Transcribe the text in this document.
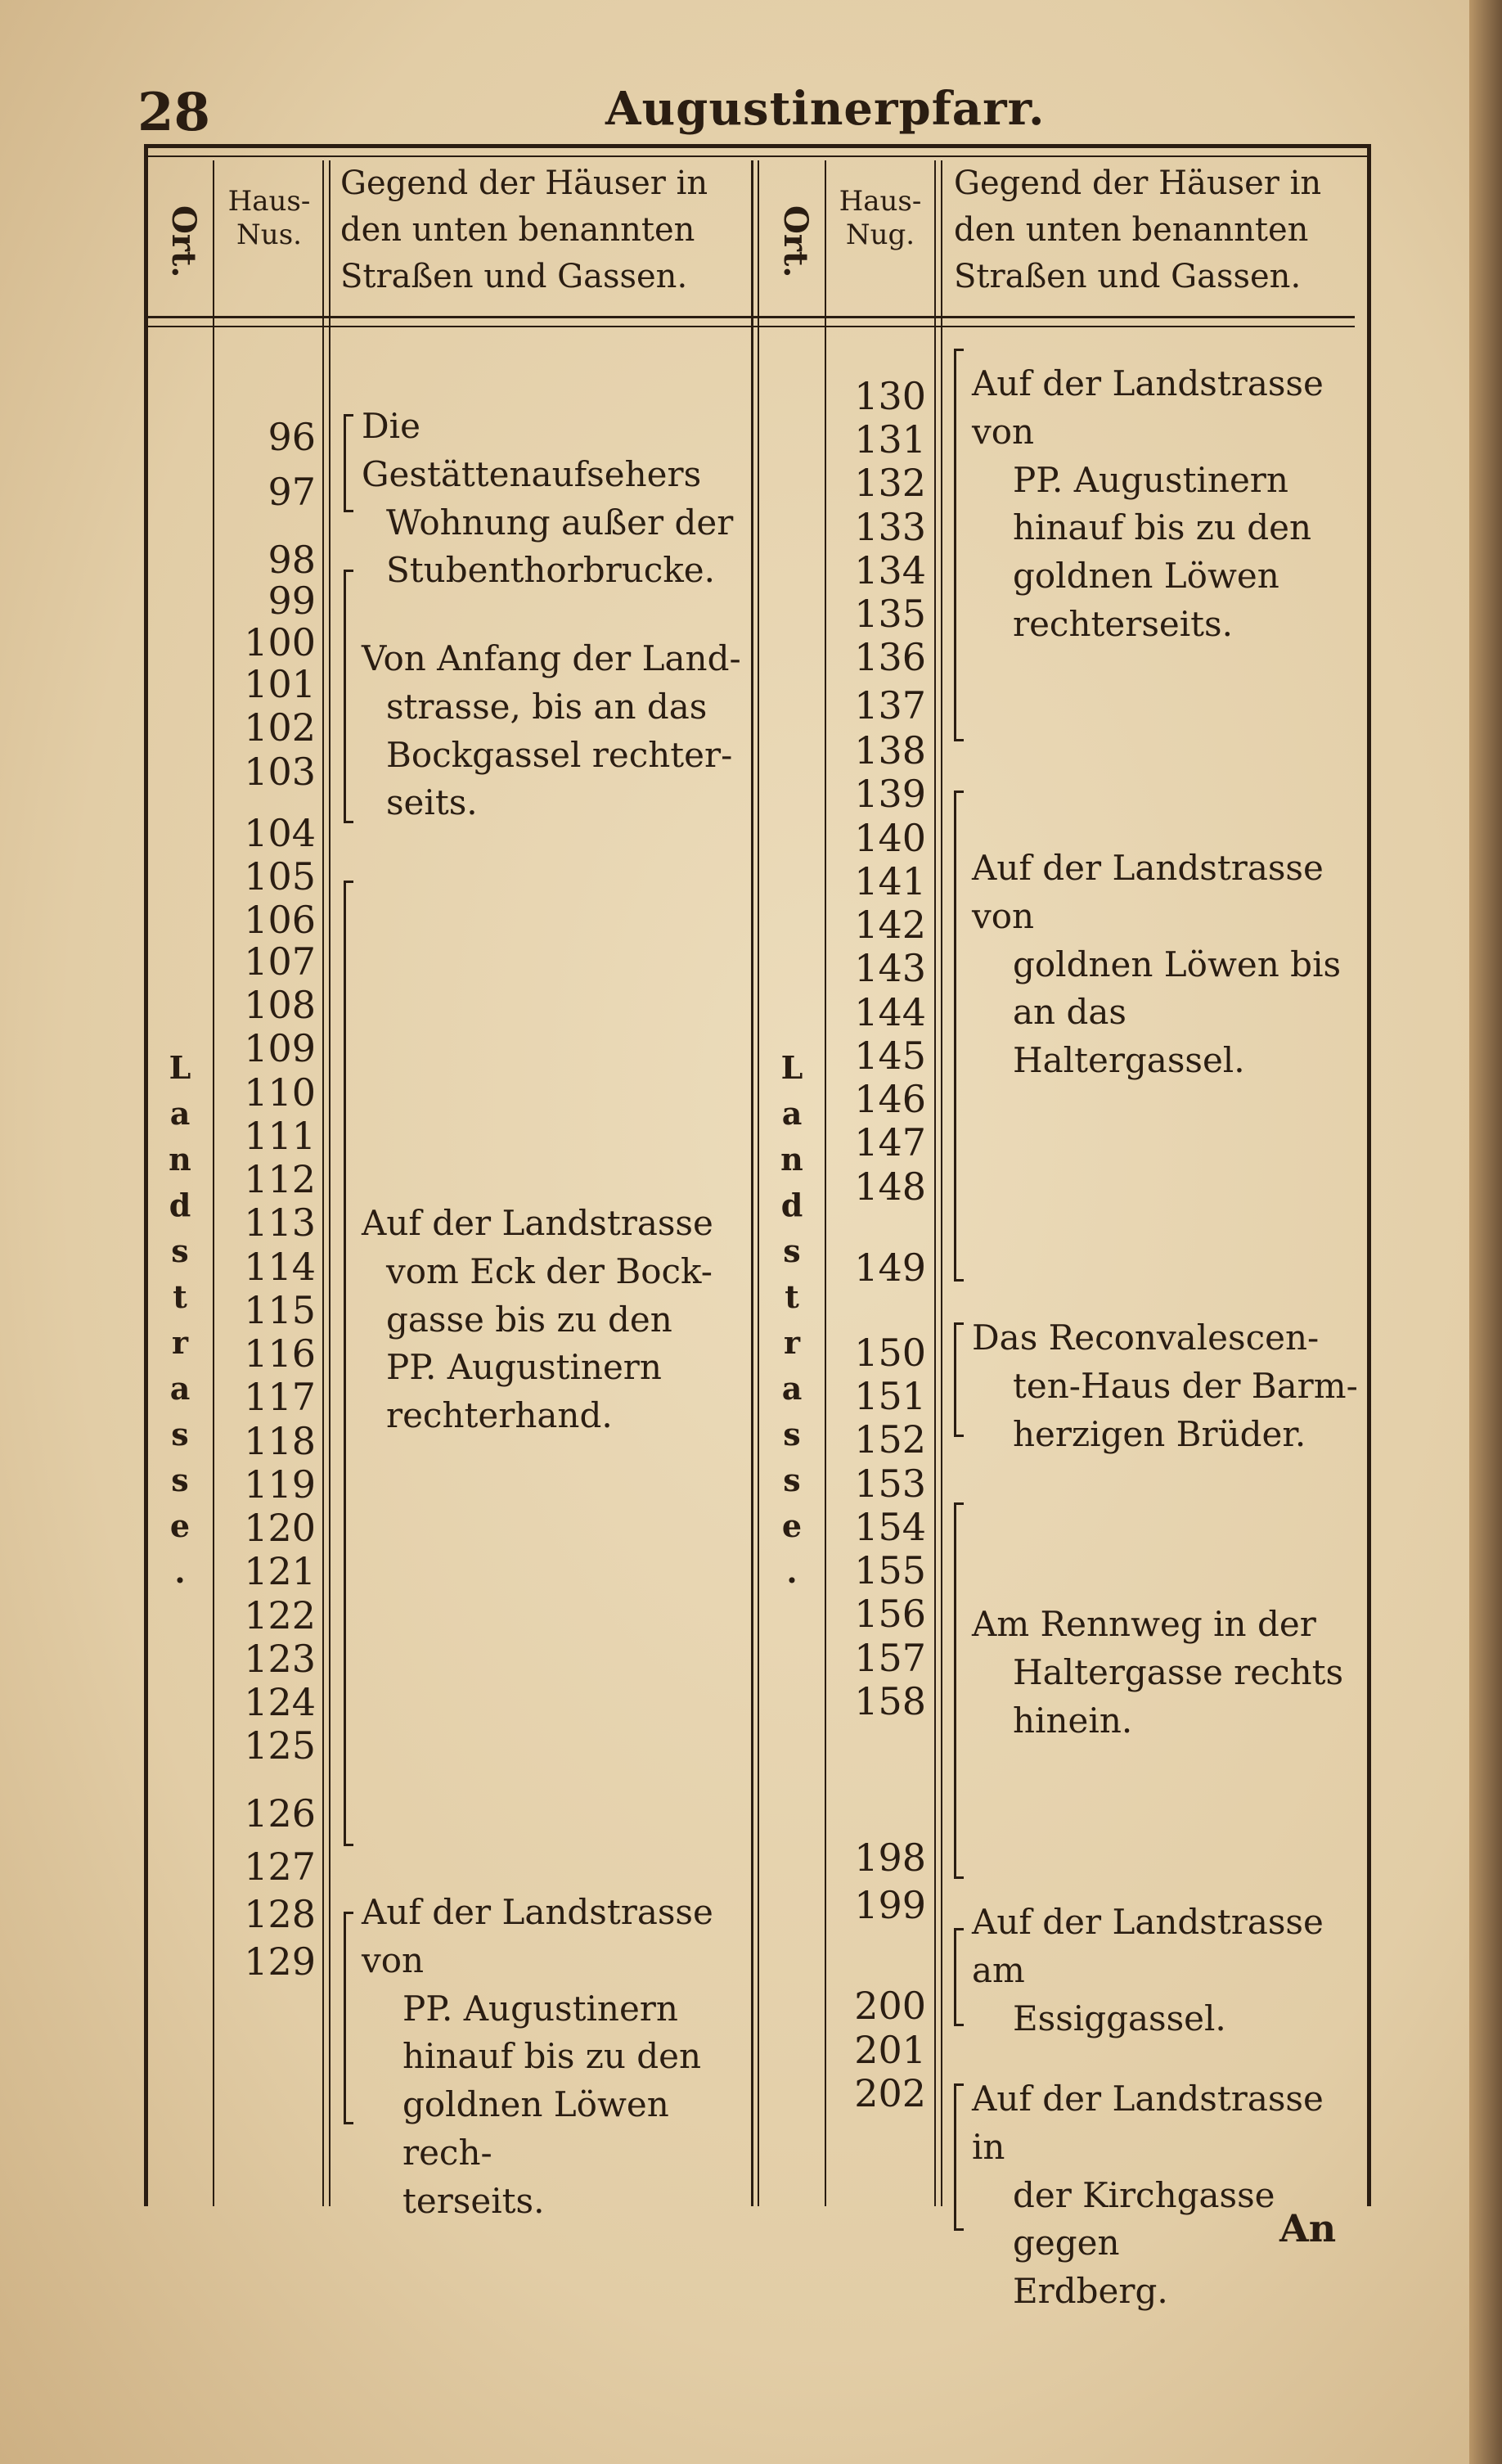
28	Augustinerpfarr.
Ort.
Haus-
Nus.
Gegend der Häuser in
den unten benannten
Straßen und Gassen.	Ort.
Haus-
Nug.
Gegend der Häuser in
den unten benannten
Straßen und Gassen.
L
a
n
d
s
t
r
a
s
s
e
.
L
a
n
d
s
t
r
a
s
s
e
.
96
97
98
99
100
101
102
103
104
105
106
107
108
109
110
111
112
113
114
115
116
117
118
119
120
121
122
123
124
125
126
127
128
129
130
131
132
133
134
135
136
137
138
139
140
141
142
143
144
145
146
147
148
149
150
151
152
153
154
155
156
157
158
198
199
200
201
202
Die Gestättenaufsehers
Wohnung außer der
Stubenthorbrucke.
Von Anfang der Land-
strasse, bis an das
Bockgassel rechter-
seits.
Auf der Landstrasse
vom Eck der Bock-
gasse bis zu den
PP. Augustinern
rechterhand.
Auf der Landstrasse von
PP. Augustinern
hinauf bis zu den
goldnen Löwen rech-
terseits.
Auf der Landstrasse von
PP. Augustinern
hinauf bis zu den
goldnen Löwen
rechterseits.
Auf der Landstrasse von
goldnen Löwen bis
an das Haltergassel.
Das Reconvalescen-
ten-Haus der Barm-
herzigen Brüder.
Am Rennweg in der
Haltergasse rechts
hinein.
Auf der Landstrasse am
Essiggassel.
Auf der Landstrasse in
der Kirchgasse gegen
Erdberg.
An
